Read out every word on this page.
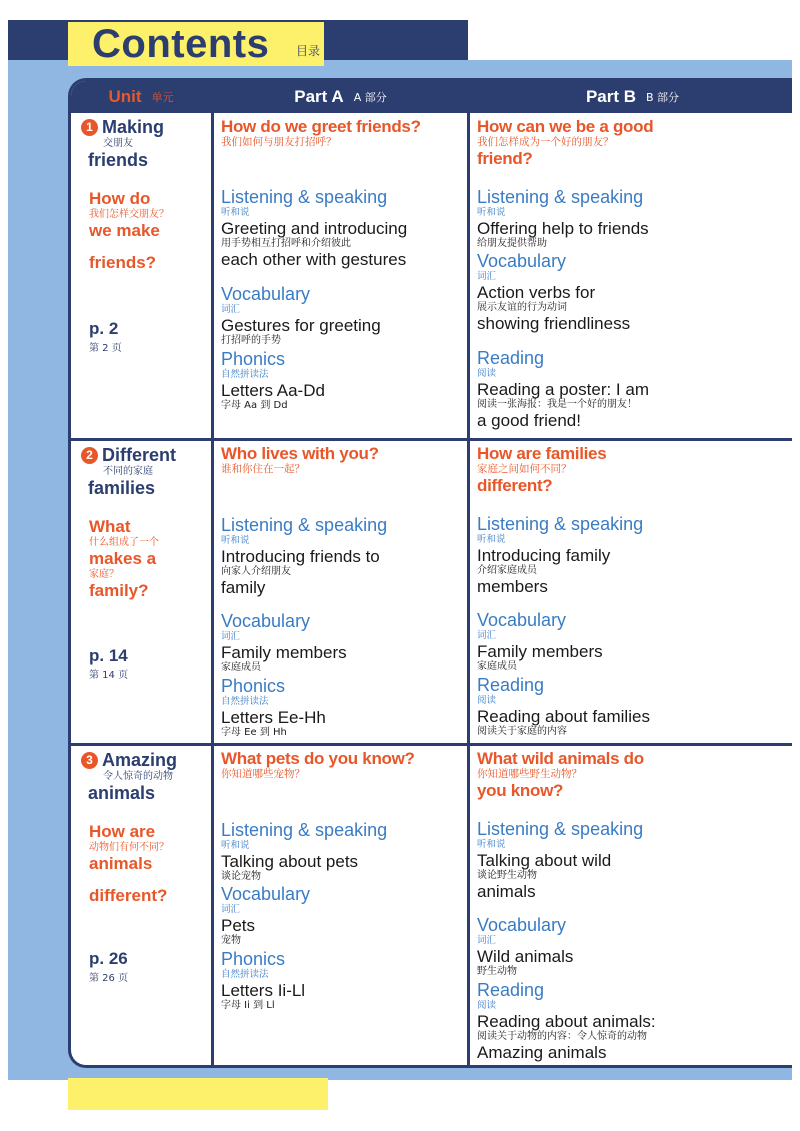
Contents 目录
Unit 单元	Part A A 部分	Part B B 部分
1 Making
交朋友
friends
How do
我们怎样交朋友？
we make
friends?
p. 2
第 2 页
How do we greet friends?
我们如何与朋友打招呼？
Listening & speaking
听和说
Greeting and introducing
用手势相互打招呼和介绍彼此
each other with gestures
Vocabulary
词汇
Gestures for greeting
打招呼的手势
Phonics
自然拼读法
Letters Aa-Dd
字母 Aa 到 Dd
How can we be a good
我们怎样成为一个好的朋友？
friend?
Listening & speaking
听和说
Offering help to friends
给朋友提供帮助
Vocabulary
词汇
Action verbs for
展示友谊的行为动词
showing friendliness
Reading
阅读
Reading a poster: I am
阅读一张海报：我是一个好的朋友！
a good friend!
2 Different
不同的家庭
families
What
什么组成了一个
makes a
家庭？
family?
p. 14
第 14 页
Who lives with you?
谁和你住在一起？
Listening & speaking
听和说
Introducing friends to
向家人介绍朋友
family
Vocabulary
词汇
Family members
家庭成员
Phonics
自然拼读法
Letters Ee-Hh
字母 Ee 到 Hh
How are families
家庭之间如何不同？
different?
Listening & speaking
听和说
Introducing family
介绍家庭成员
members
Vocabulary
词汇
Family members
家庭成员
Reading
阅读
Reading about families
阅读关于家庭的内容
3 Amazing
令人惊奇的动物
animals
How are
动物们有何不同？
animals
different?
p. 26
第 26 页
What pets do you know?
你知道哪些宠物？
Listening & speaking
听和说
Talking about pets
谈论宠物
Vocabulary
词汇
Pets
宠物
Phonics
自然拼读法
Letters Ii-Ll
字母 Ii 到 Ll
What wild animals do
你知道哪些野生动物？
you know?
Listening & speaking
听和说
Talking about wild
谈论野生动物
animals
Vocabulary
词汇
Wild animals
野生动物
Reading
阅读
Reading about animals:
阅读关于动物的内容：令人惊奇的动物
Amazing animals
